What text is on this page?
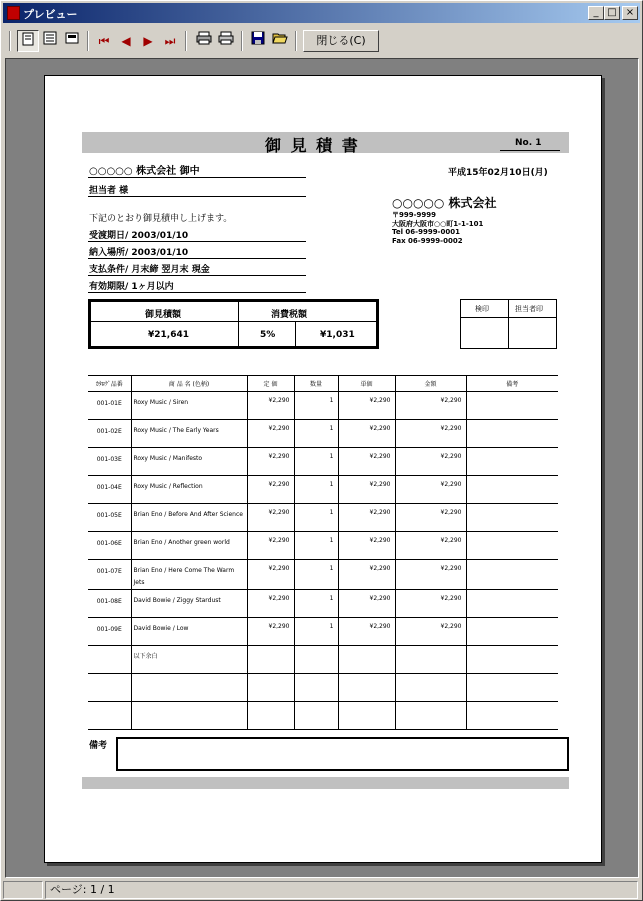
プレビュー	_ □ ×
⏮ ◀	▶ ⏭	閉じる(C)
御 見 積 書	No. 1
○○○○○ 株式会社 御中	平成15年02月10日(月)
担当者 様
下記のとおり御見積申し上げます。
受渡期日/ 2003/01/10
納入場所/ 2003/01/10
支払条件/ 月末締 翌月末 現金
有効期限/ 1ヶ月以内
○○○○○ 株式会社
〒999-9999
大阪府大阪市○○町1-1-101
Tel 06-9999-0001
Fax 06-9999-0002
御見積額	消費税額
¥21,641	5%	¥1,031
検印	担当者印
ｶﾀﾛｸﾞ品番	商 品 名 (色柄)	定 価	数量	単価	金額	備考
001-01E	Roxy Music / Siren	¥2,290	1	¥2,290	¥2,290	
001-02E	Roxy Music / The Early Years	¥2,290	1	¥2,290	¥2,290	
001-03E	Roxy Music / Manifesto	¥2,290	1	¥2,290	¥2,290	
001-04E	Roxy Music / Reflection	¥2,290	1	¥2,290	¥2,290	
001-05E	Brian Eno / Before And After Science	¥2,290	1	¥2,290	¥2,290	
001-06E	Brian Eno / Another green world	¥2,290	1	¥2,290	¥2,290	
001-07E	Brian Eno / Here Come The Warm Jets	¥2,290	1	¥2,290	¥2,290	
001-08E	David Bowie / Ziggy Stardust	¥2,290	1	¥2,290	¥2,290	
001-09E	David Bowie / Low	¥2,290	1	¥2,290	¥2,290	
	以下余白					

備考
ページ: 1 / 1
